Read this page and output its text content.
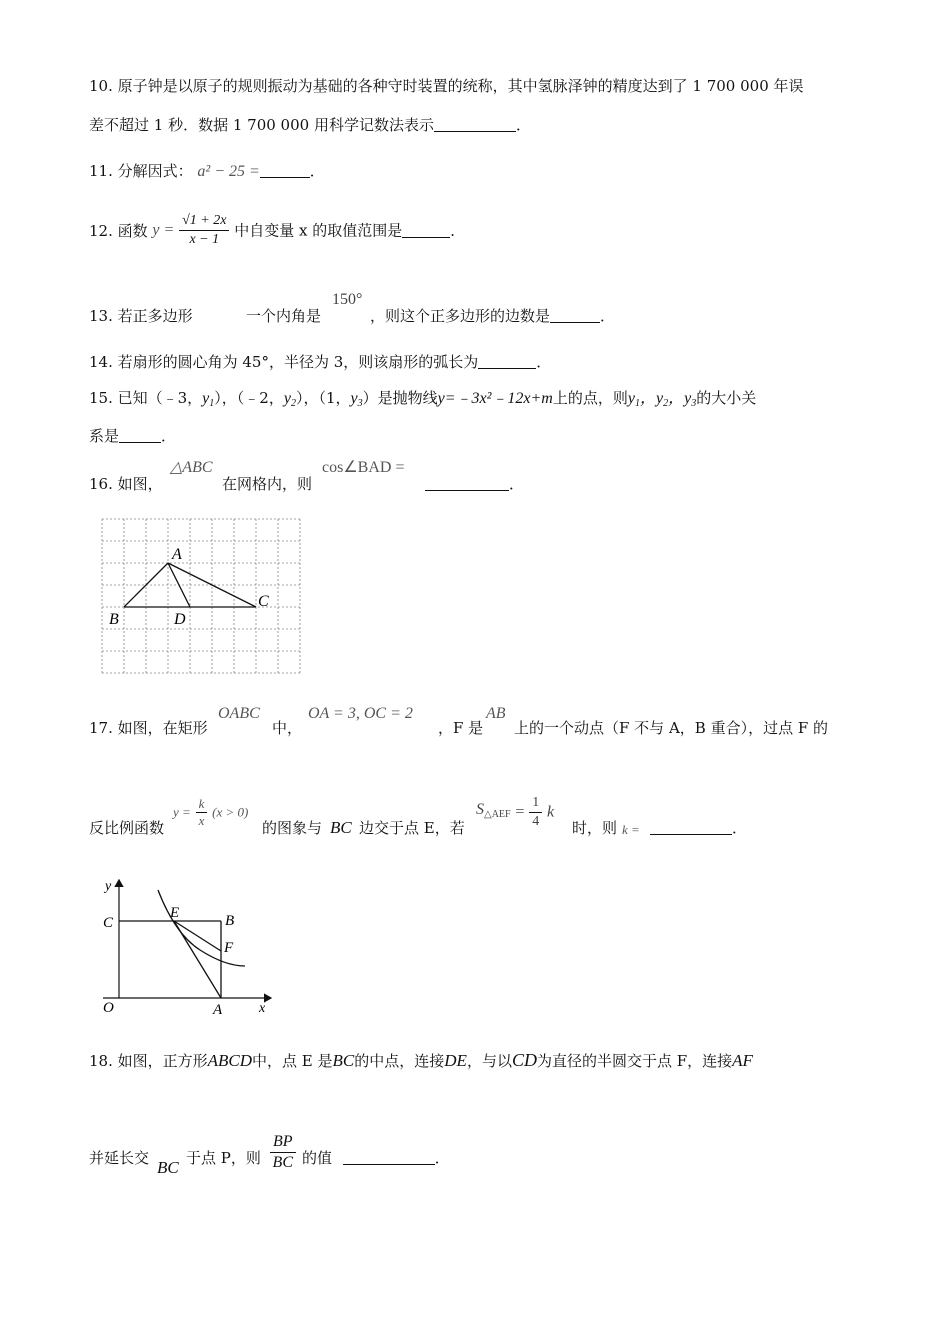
10. 原子钟是以原子的规则振动为基础的各种守时装置的统称，其中氢脉泽钟的精度达到了 1 700 000 年误
差不超过 1 秒．数据 1 700 000 用科学记数法表示	．
11. 分解因式： a² − 25 =	．
12. 函数 $y = \frac{√1 + 2x}{x - 1}$ 中自变量 x 的取值范围是	．
13. 若正多边形	一个内角是
150°
，则这个正多边形的边数是	．
14. 若扇形的圆心角为 45°，半径为 3，则该扇形的弧长为	．
15. 已知（﹣3，$y_1$），（﹣2，$y_2$），（1，$y_3$）是抛物线y=﹣3x²﹣12x+m上的点，则$y_1$，$y_2$，$y_3$的大小关
系是	．
16. 如图，
△ABC
在网格内，则
cos∠BAD =
．
A
B
C
D
17. 如图，在矩形
OABC
中，
OA = 3, OC = 2
，F 是
AB
上的一个动点（F 不与 A，B 重合），过点 F 的
反比例函数
$y = \frac{k}{x} (x > 0)$
的图象与 BC 边交于点 E，若
$S_{\triangle AEF} = \frac{1}{4}$ k
时，则 k =	．
y
x
O	A
B
C
E
F
18. 如图，正方形ABCD中，点 E 是BC的中点，连接DE，与以CD为直径的半圆交于点 F，连接AF
并延长交 BC 于点 P，则 $\frac{BP}{BC}$ 的值	．
